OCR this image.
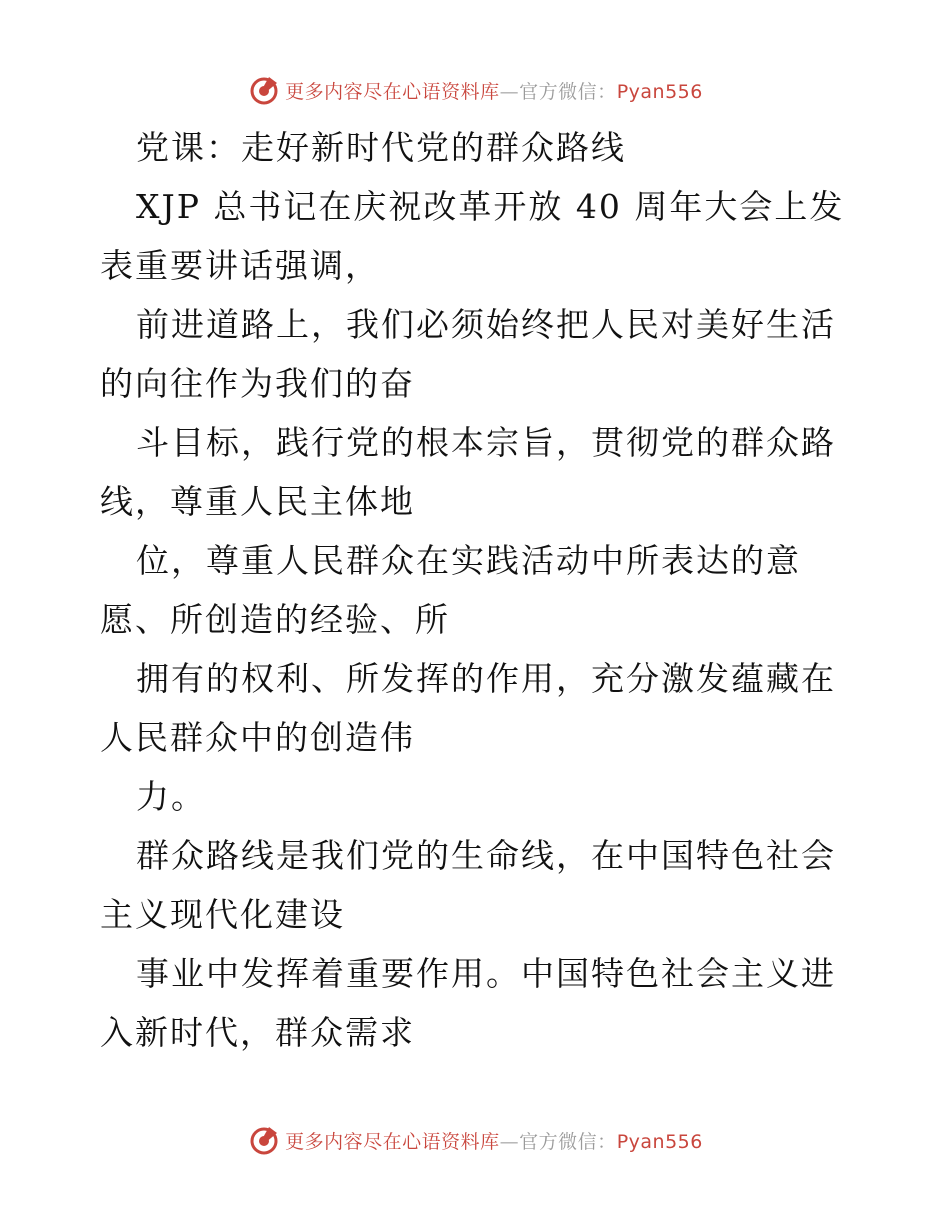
更多内容尽在心语资料库—官方微信：Pyan556

党课：走好新时代党的群众路线

XJP 总书记在庆祝改革开放 40 周年大会上发表重要讲话强调，

前进道路上，我们必须始终把人民对美好生活的向往作为我们的奋

斗目标，践行党的根本宗旨，贯彻党的群众路线，尊重人民主体地

位，尊重人民群众在实践活动中所表达的意愿、所创造的经验、所

拥有的权利、所发挥的作用，充分激发蕴藏在人民群众中的创造伟

力。

群众路线是我们党的生命线，在中国特色社会主义现代化建设

事业中发挥着重要作用。中国特色社会主义进入新时代，群众需求

更多内容尽在心语资料库—官方微信：Pyan556
